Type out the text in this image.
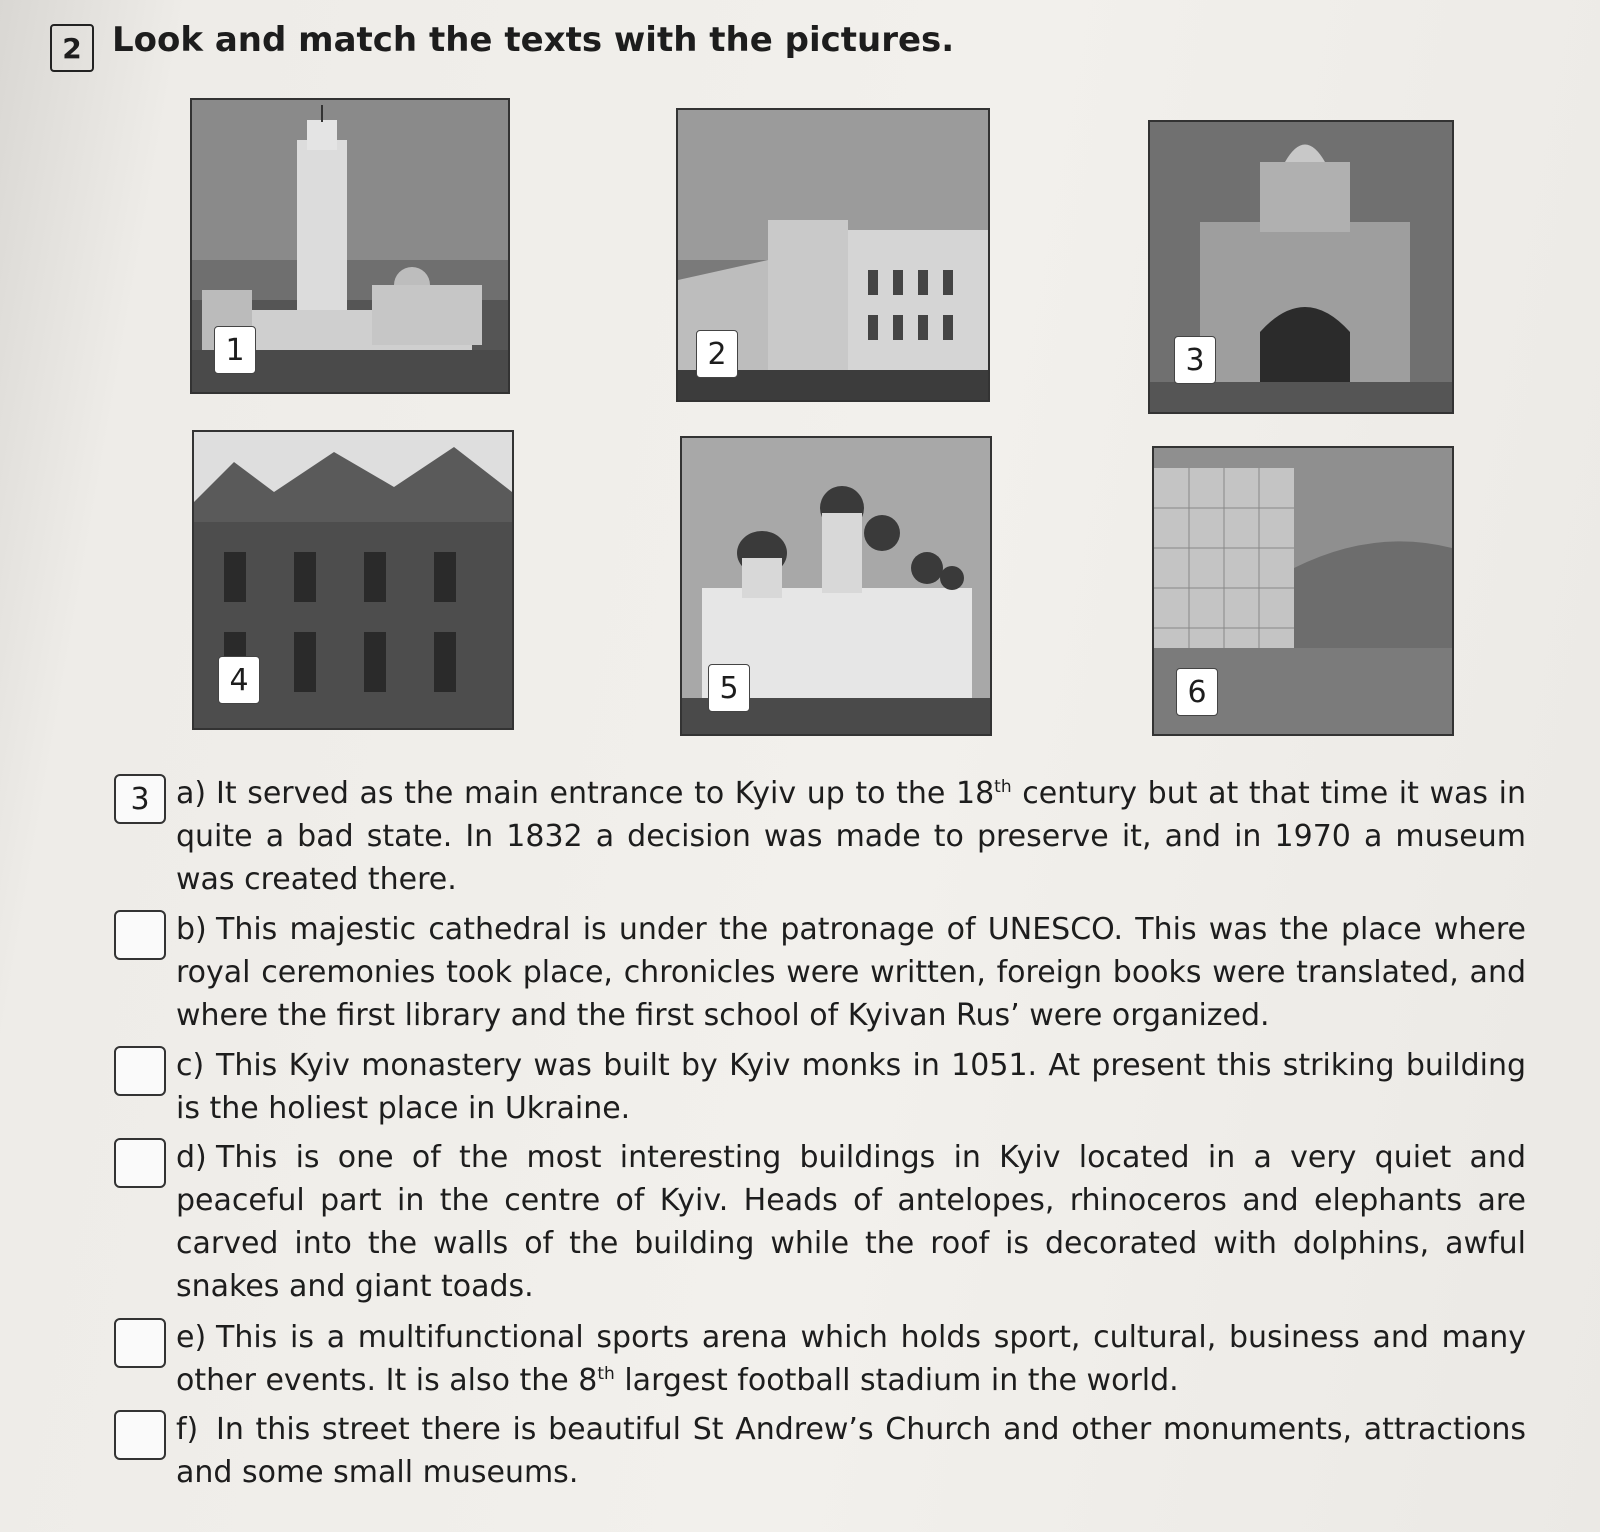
2 Look and match the texts with the pictures.
1	2	3
4	5	6
3 a) It served as the main entrance to Kyiv up to the 18th century but at that time it was in quite a bad state. In 1832 a decision was made to preserve it, and in 1970 a museum was created there.
b) This majestic cathedral is under the patronage of UNESCO. This was the place where royal ceremonies took place, chronicles were written, foreign books were translated, and where the first library and the first school of Kyivan Rus’ were organized.
c) This Kyiv monastery was built by Kyiv monks in 1051. At present this striking building is the holiest place in Ukraine.
d) This is one of the most interesting buildings in Kyiv located in a very quiet and peaceful part in the centre of Kyiv. Heads of antelopes, rhinoceros and elephants are carved into the walls of the building while the roof is decorated with dolphins, awful snakes and giant toads.
e) This is a multifunctional sports arena which holds sport, cultural, business and many other events. It is also the 8th largest football stadium in the world.
f) In this street there is beautiful St Andrew’s Church and other monuments, attractions and some small museums.
